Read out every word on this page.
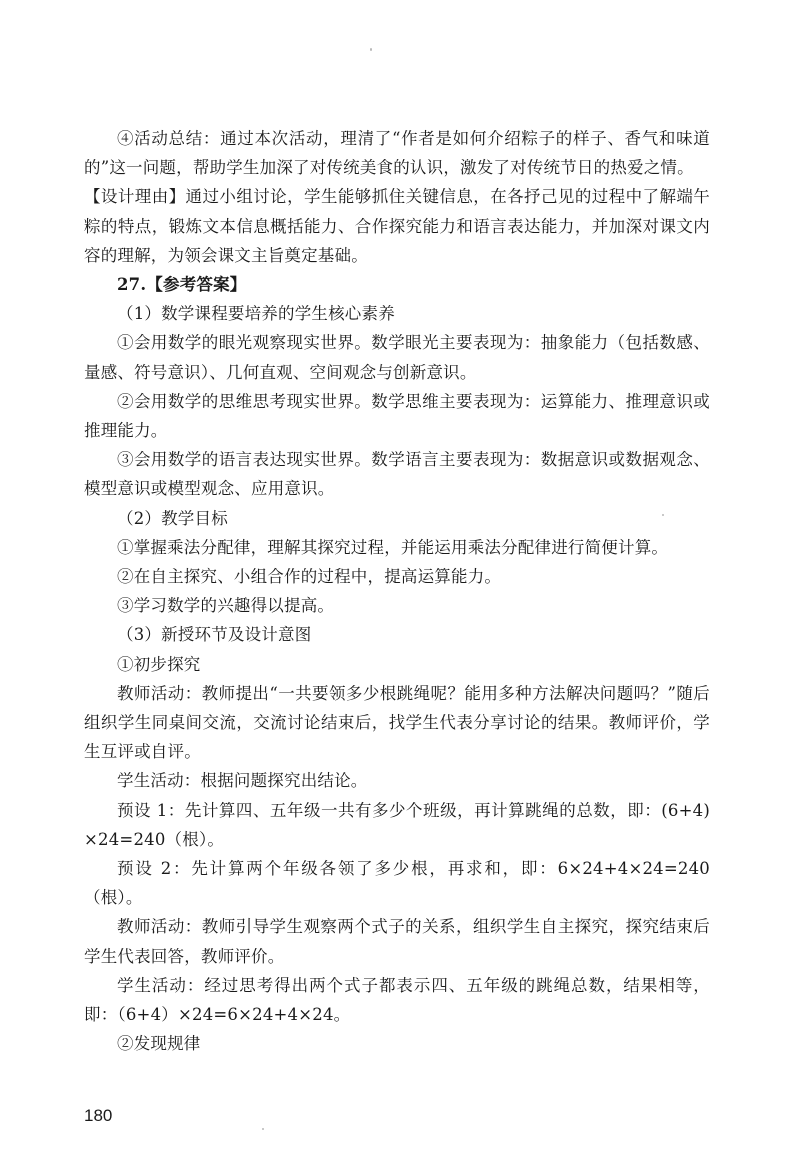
④活动总结：通过本次活动，理清了“作者是如何介绍粽子的样子、香气和味道的”这一问题，帮助学生加深了对传统美食的认识，激发了对传统节日的热爱之情。

【设计理由】通过小组讨论，学生能够抓住关键信息，在各抒己见的过程中了解端午粽的特点，锻炼文本信息概括能力、合作探究能力和语言表达能力，并加深对课文内容的理解，为领会课文主旨奠定基础。

27.【参考答案】

（1）数学课程要培养的学生核心素养

①会用数学的眼光观察现实世界。数学眼光主要表现为：抽象能力（包括数感、量感、符号意识）、几何直观、空间观念与创新意识。

②会用数学的思维思考现实世界。数学思维主要表现为：运算能力、推理意识或推理能力。

③会用数学的语言表达现实世界。数学语言主要表现为：数据意识或数据观念、模型意识或模型观念、应用意识。

（2）教学目标

①掌握乘法分配律，理解其探究过程，并能运用乘法分配律进行简便计算。

②在自主探究、小组合作的过程中，提高运算能力。

③学习数学的兴趣得以提高。

（3）新授环节及设计意图

①初步探究

教师活动：教师提出“一共要领多少根跳绳呢？能用多种方法解决问题吗？”随后组织学生同桌间交流，交流讨论结束后，找学生代表分享讨论的结果。教师评价，学生互评或自评。

学生活动：根据问题探究出结论。

预设 1：先计算四、五年级一共有多少个班级，再计算跳绳的总数，即：(6+4) ×24=240（根）。

预设 2：先计算两个年级各领了多少根，再求和，即：6×24+4×24=240（根）。

教师活动：教师引导学生观察两个式子的关系，组织学生自主探究，探究结束后学生代表回答，教师评价。

学生活动：经过思考得出两个式子都表示四、五年级的跳绳总数，结果相等，即：（6+4）×24=6×24+4×24。

②发现规律

180
